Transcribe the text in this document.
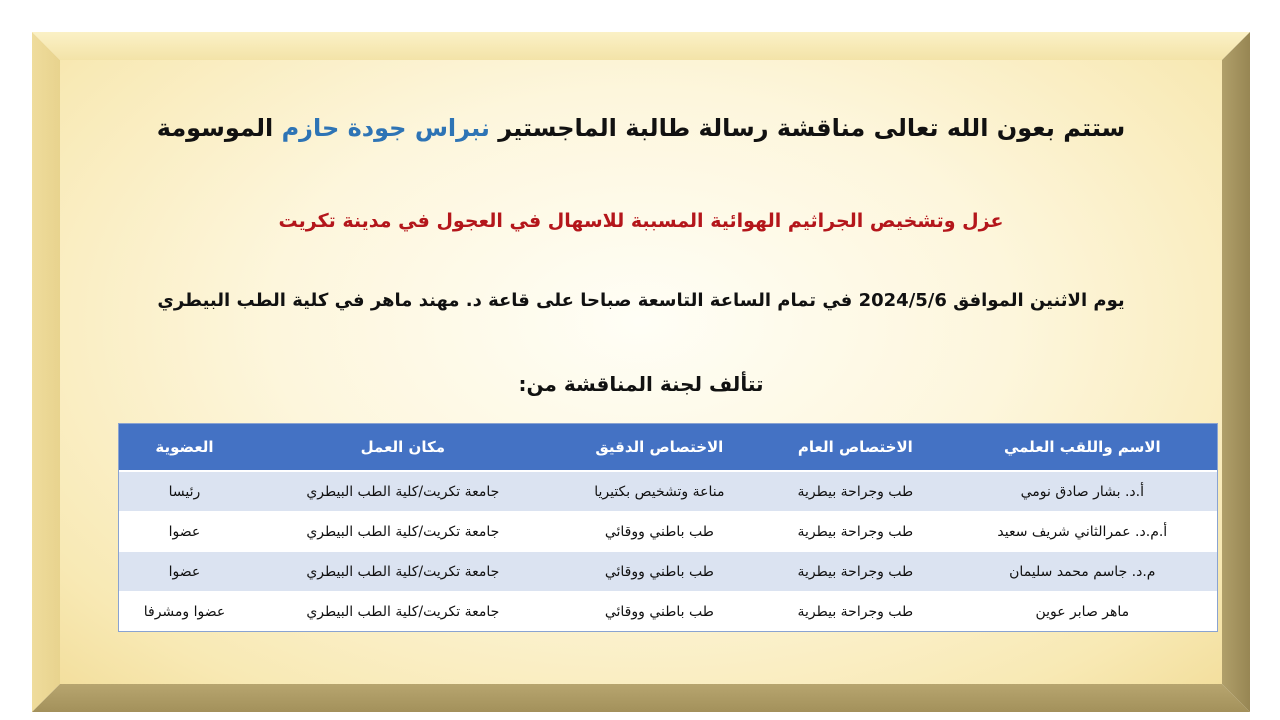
ستتم بعون الله تعالى مناقشة رسالة طالبة الماجستير نبراس جودة حازم الموسومة
عزل وتشخيص الجراثيم الهوائية المسببة للاسهال في العجول في مدينة تكريت
يوم الاثنين الموافق 2024/5/6 في تمام الساعة التاسعة صباحا على قاعة د. مهند ماهر في كلية الطب البيطري
تتألف لجنة المناقشة من:
الاسم واللقب العلمي	الاختصاص العام	الاختصاص الدقيق	مكان العمل	العضوية
أ.د. بشار صادق نومي	طب وجراحة بيطرية	مناعة وتشخيص بكتيريا	جامعة تكريت/كلية الطب البيطري	رئيسا
أ.م.د. عمرالثاني شريف سعيد	طب وجراحة بيطرية	طب باطني ووقائي	جامعة تكريت/كلية الطب البيطري	عضوا
م.د. جاسم محمد سليمان	طب وجراحة بيطرية	طب باطني ووقائي	جامعة تكريت/كلية الطب البيطري	عضوا
ماهر صابر عوين	طب وجراحة بيطرية	طب باطني ووقائي	جامعة تكريت/كلية الطب البيطري	عضوا ومشرفا
